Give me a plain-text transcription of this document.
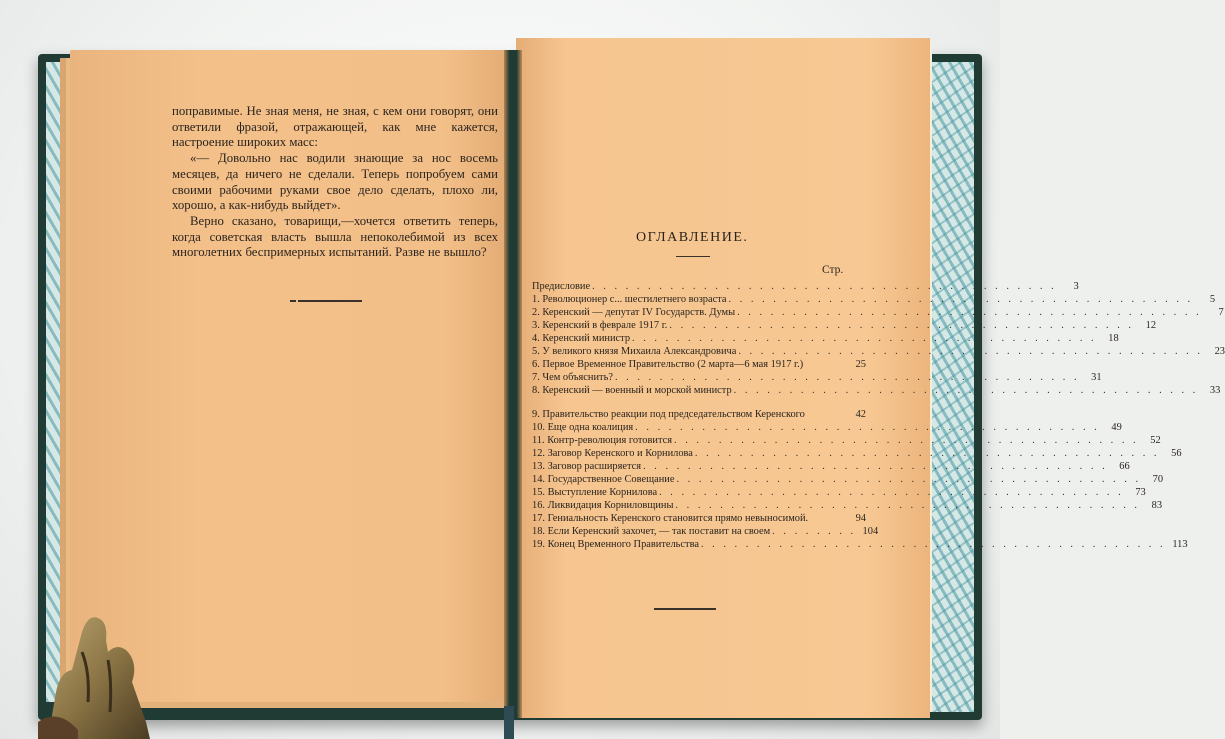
поправимые. Не зная меня, не зная, с кем они говорят, они ответили фразой, отражающей, как мне кажется, настроение широких масс:

«— Довольно нас водили знающие за нос восемь месяцев, да ничего не сделали. Теперь попробуем сами своими рабочими руками свое дело сделать, плохо ли, хорошо, а как-нибудь выйдет».

Верно сказано, товарищи,—хочется ответить теперь, когда советская власть вышла непоколебимой из всех многолетних беспримерных испытаний. Разве не вышло?

ОГЛАВЛЕНИЕ.
Стр.
Предисловие . . . . . . . . . . . . . . . . . . . . . . . . . . . . . . . . . . . . . . . . . .	3
1. Революционер с... шестилетнего возраста . . . . . . . . . . . . . . . . . . . . . . . . . . . . . . . . . . . . . . . . . .	5
2. Керенский — депутат IV Государств. Думы . . . . . . . . . . . . . . . . . . . . . . . . . . . . . . . . . . . . . . . . . .	7
3. Керенский в феврале 1917 г. . . . . . . . . . . . . . . . . . . . . . . . . . . . . . . . . . . . . . . . . . .	12
4. Керенский министр . . . . . . . . . . . . . . . . . . . . . . . . . . . . . . . . . . . . . . . . . .	18
5. У великого князя Михаила Александровича . . . . . . . . . . . . . . . . . . . . . . . . . . . . . . . . . . . . . . . . . .	23
6. Первое Временное Правительство (2 марта—6 мая 1917 г.)	25
7. Чем объяснить? . . . . . . . . . . . . . . . . . . . . . . . . . . . . . . . . . . . . . . . . . .	31
8. Керенский — военный и морской министр . . . . . . . . . . . . . . . . . . . . . . . . . . . . . . . . . . . . . . . . . .	33
9. Правительство реакции под председательством Керенского	42
10. Еще одна коалиция . . . . . . . . . . . . . . . . . . . . . . . . . . . . . . . . . . . . . . . . . .	49
11. Контр-революция готовится . . . . . . . . . . . . . . . . . . . . . . . . . . . . . . . . . . . . . . . . . .	52
12. Заговор Керенского и Корнилова . . . . . . . . . . . . . . . . . . . . . . . . . . . . . . . . . . . . . . . . . .	56
13. Заговор расширяется . . . . . . . . . . . . . . . . . . . . . . . . . . . . . . . . . . . . . . . . . .	66
14. Государственное Совещание . . . . . . . . . . . . . . . . . . . . . . . . . . . . . . . . . . . . . . . . . .	70
15. Выступление Корнилова . . . . . . . . . . . . . . . . . . . . . . . . . . . . . . . . . . . . . . . . . .	73
16. Ликвидация Корниловщины . . . . . . . . . . . . . . . . . . . . . . . . . . . . . . . . . . . . . . . . . .	83
17. Гениальность Керенского становится прямо невыносимой.	94
18. Если Керенский захочет, — так поставит на своем . . . . . . . . 104
19. Конец Временного Правительства . . . . . . . . . . . . . . . . . . . . . . . . . . . . . . . . . . . . . . . . . . 113
